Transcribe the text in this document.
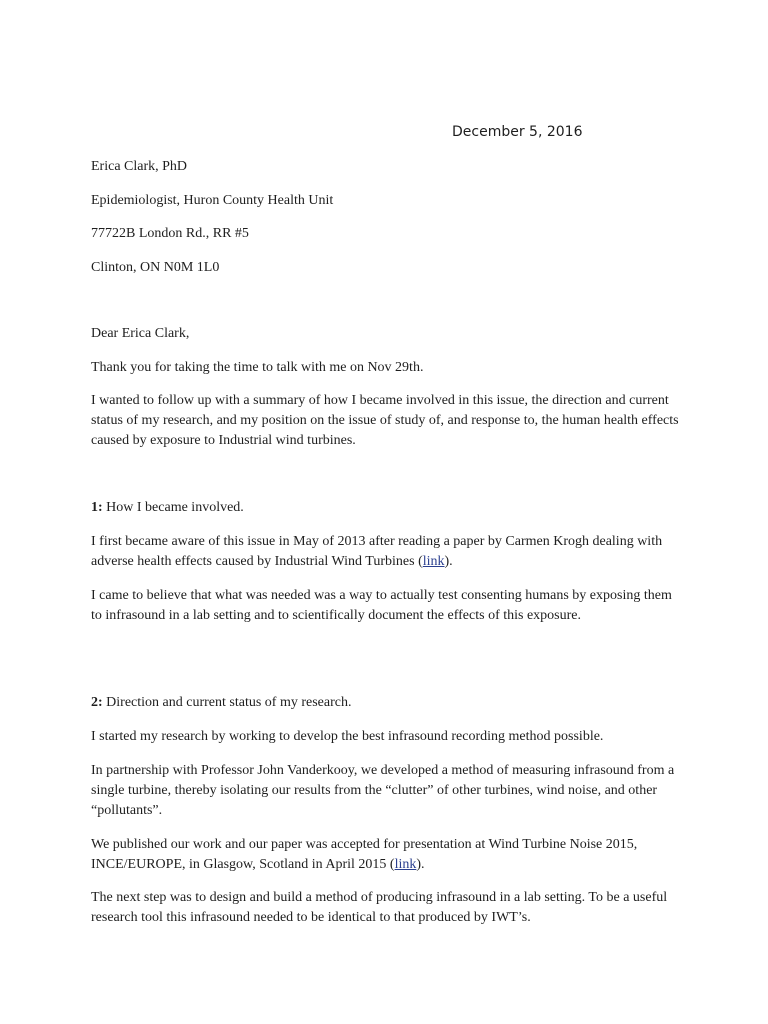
December 5, 2016

Erica Clark, PhD

Epidemiologist, Huron County Health Unit

77722B London Rd., RR #5

Clinton, ON N0M 1L0

Dear Erica Clark,

Thank you for taking the time to talk with me on Nov 29th.

I wanted to follow up with a summary of how I became involved in this issue, the direction and current status of my research, and my position on the issue of study of, and response to, the human health effects caused by exposure to Industrial wind turbines.

1: How I became involved.

I first became aware of this issue in May of 2013 after reading a paper by Carmen Krogh dealing with adverse health effects caused by Industrial Wind Turbines (link).

I came to believe that what was needed was a way to actually test consenting humans by exposing them to infrasound in a lab setting and to scientifically document the effects of this exposure.

2: Direction and current status of my research.

I started my research by working to develop the best infrasound recording method possible.

In partnership with Professor John Vanderkooy, we developed a method of measuring infrasound from a single turbine, thereby isolating our results from the “clutter” of other turbines, wind noise, and other “pollutants”.

We published our work and our paper was accepted for presentation at Wind Turbine Noise 2015, INCE/EUROPE, in Glasgow, Scotland in April 2015 (link).

The next step was to design and build a method of producing infrasound in a lab setting. To be a useful research tool this infrasound needed to be identical to that produced by IWT’s.
